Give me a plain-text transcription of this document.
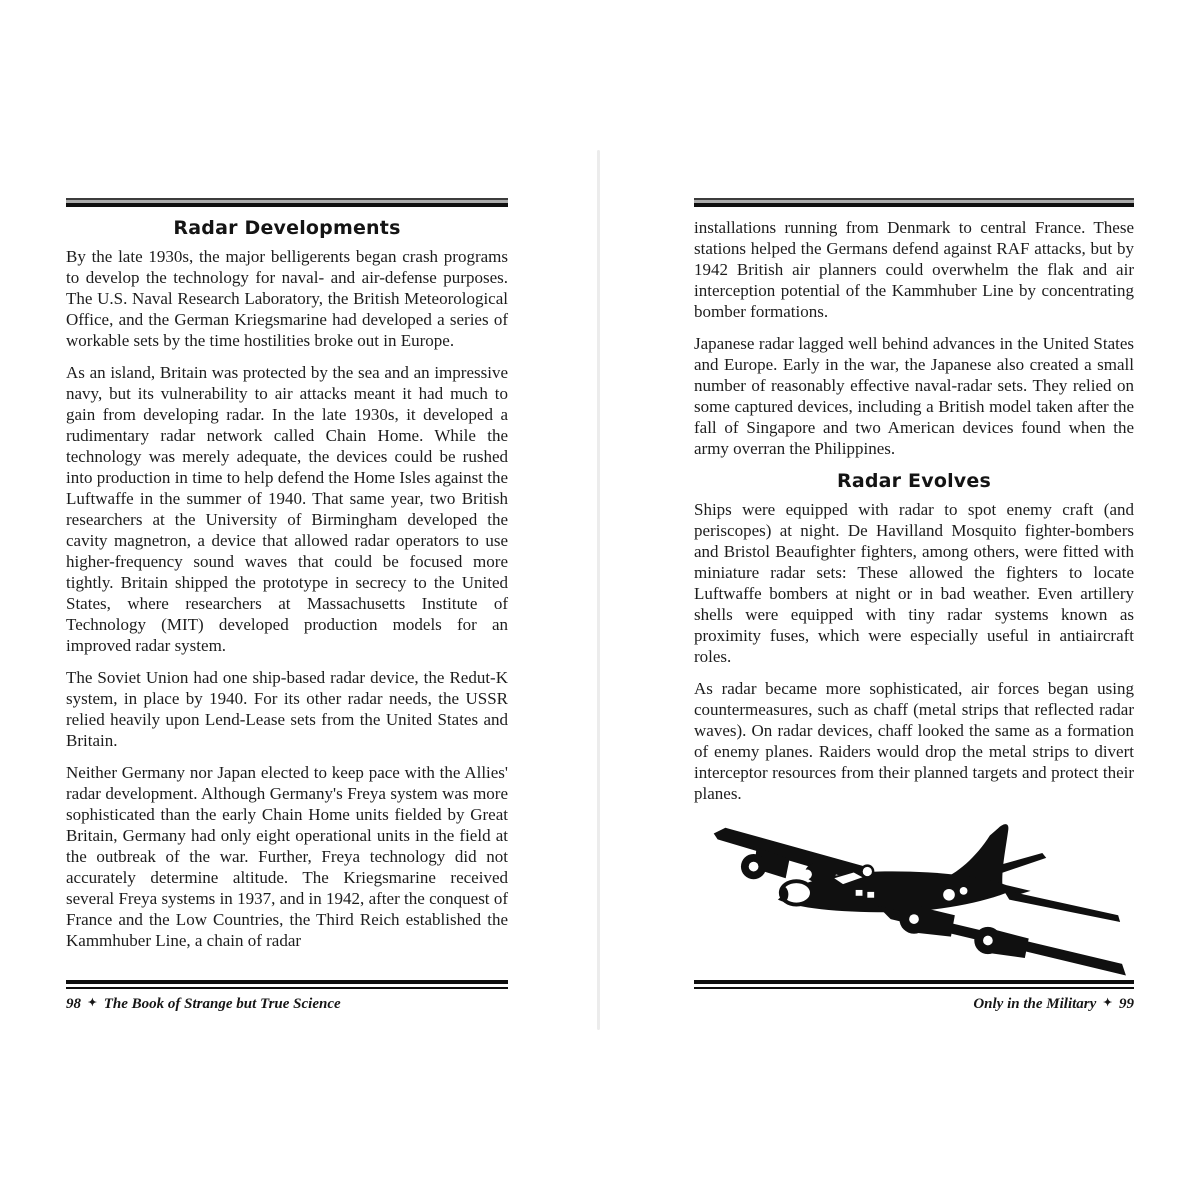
Radar Developments

By the late 1930s, the major belligerents began crash programs to develop the technology for naval- and air-defense purposes. The U.S. Naval Research Laboratory, the British Meteorological Office, and the German Kriegsmarine had developed a series of workable sets by the time hostilities broke out in Europe.

As an island, Britain was protected by the sea and an impressive navy, but its vulnerability to air attacks meant it had much to gain from developing radar. In the late 1930s, it developed a rudimentary radar network called Chain Home. While the technology was merely adequate, the devices could be rushed into production in time to help defend the Home Isles against the Luftwaffe in the summer of 1940. That same year, two British researchers at the University of Birmingham developed the cavity magnetron, a device that allowed radar operators to use higher-frequency sound waves that could be focused more tightly. Britain shipped the prototype in secrecy to the United States, where researchers at Massachusetts Institute of Technology (MIT) developed production models for an improved radar system.

The Soviet Union had one ship-based radar device, the Redut-K system, in place by 1940. For its other radar needs, the USSR relied heavily upon Lend-Lease sets from the United States and Britain.

Neither Germany nor Japan elected to keep pace with the Allies' radar development. Although Germany's Freya system was more sophisticated than the early Chain Home units fielded by Great Britain, Germany had only eight operational units in the field at the outbreak of the war. Further, Freya technology did not accurately determine altitude. The Kriegsmarine received several Freya systems in 1937, and in 1942, after the conquest of France and the Low Countries, the Third Reich established the Kammhuber Line, a chain of radar

installations running from Denmark to central France. These stations helped the Germans defend against RAF attacks, but by 1942 British air planners could overwhelm the flak and air interception potential of the Kammhuber Line by concentrating bomber formations.

Japanese radar lagged well behind advances in the United States and Europe. Early in the war, the Japanese also created a small number of reasonably effective naval-radar sets. They relied on some captured devices, including a British model taken after the fall of Singapore and two American devices found when the army overran the Philippines.

Radar Evolves

Ships were equipped with radar to spot enemy craft (and periscopes) at night. De Havilland Mosquito fighter-bombers and Bristol Beaufighter fighters, among others, were fitted with miniature radar sets: These allowed the fighters to locate Luftwaffe bombers at night or in bad weather. Even artillery shells were equipped with tiny radar systems known as proximity fuses, which were especially useful in antiaircraft roles.

As radar became more sophisticated, air forces began using countermeasures, such as chaff (metal strips that reflected radar waves). On radar devices, chaff looked the same as a formation of enemy planes. Raiders would drop the metal strips to divert interceptor resources from their planned targets and protect their planes.

98 ✦ The Book of Strange but True Science	Only in the Military ✦ 99
